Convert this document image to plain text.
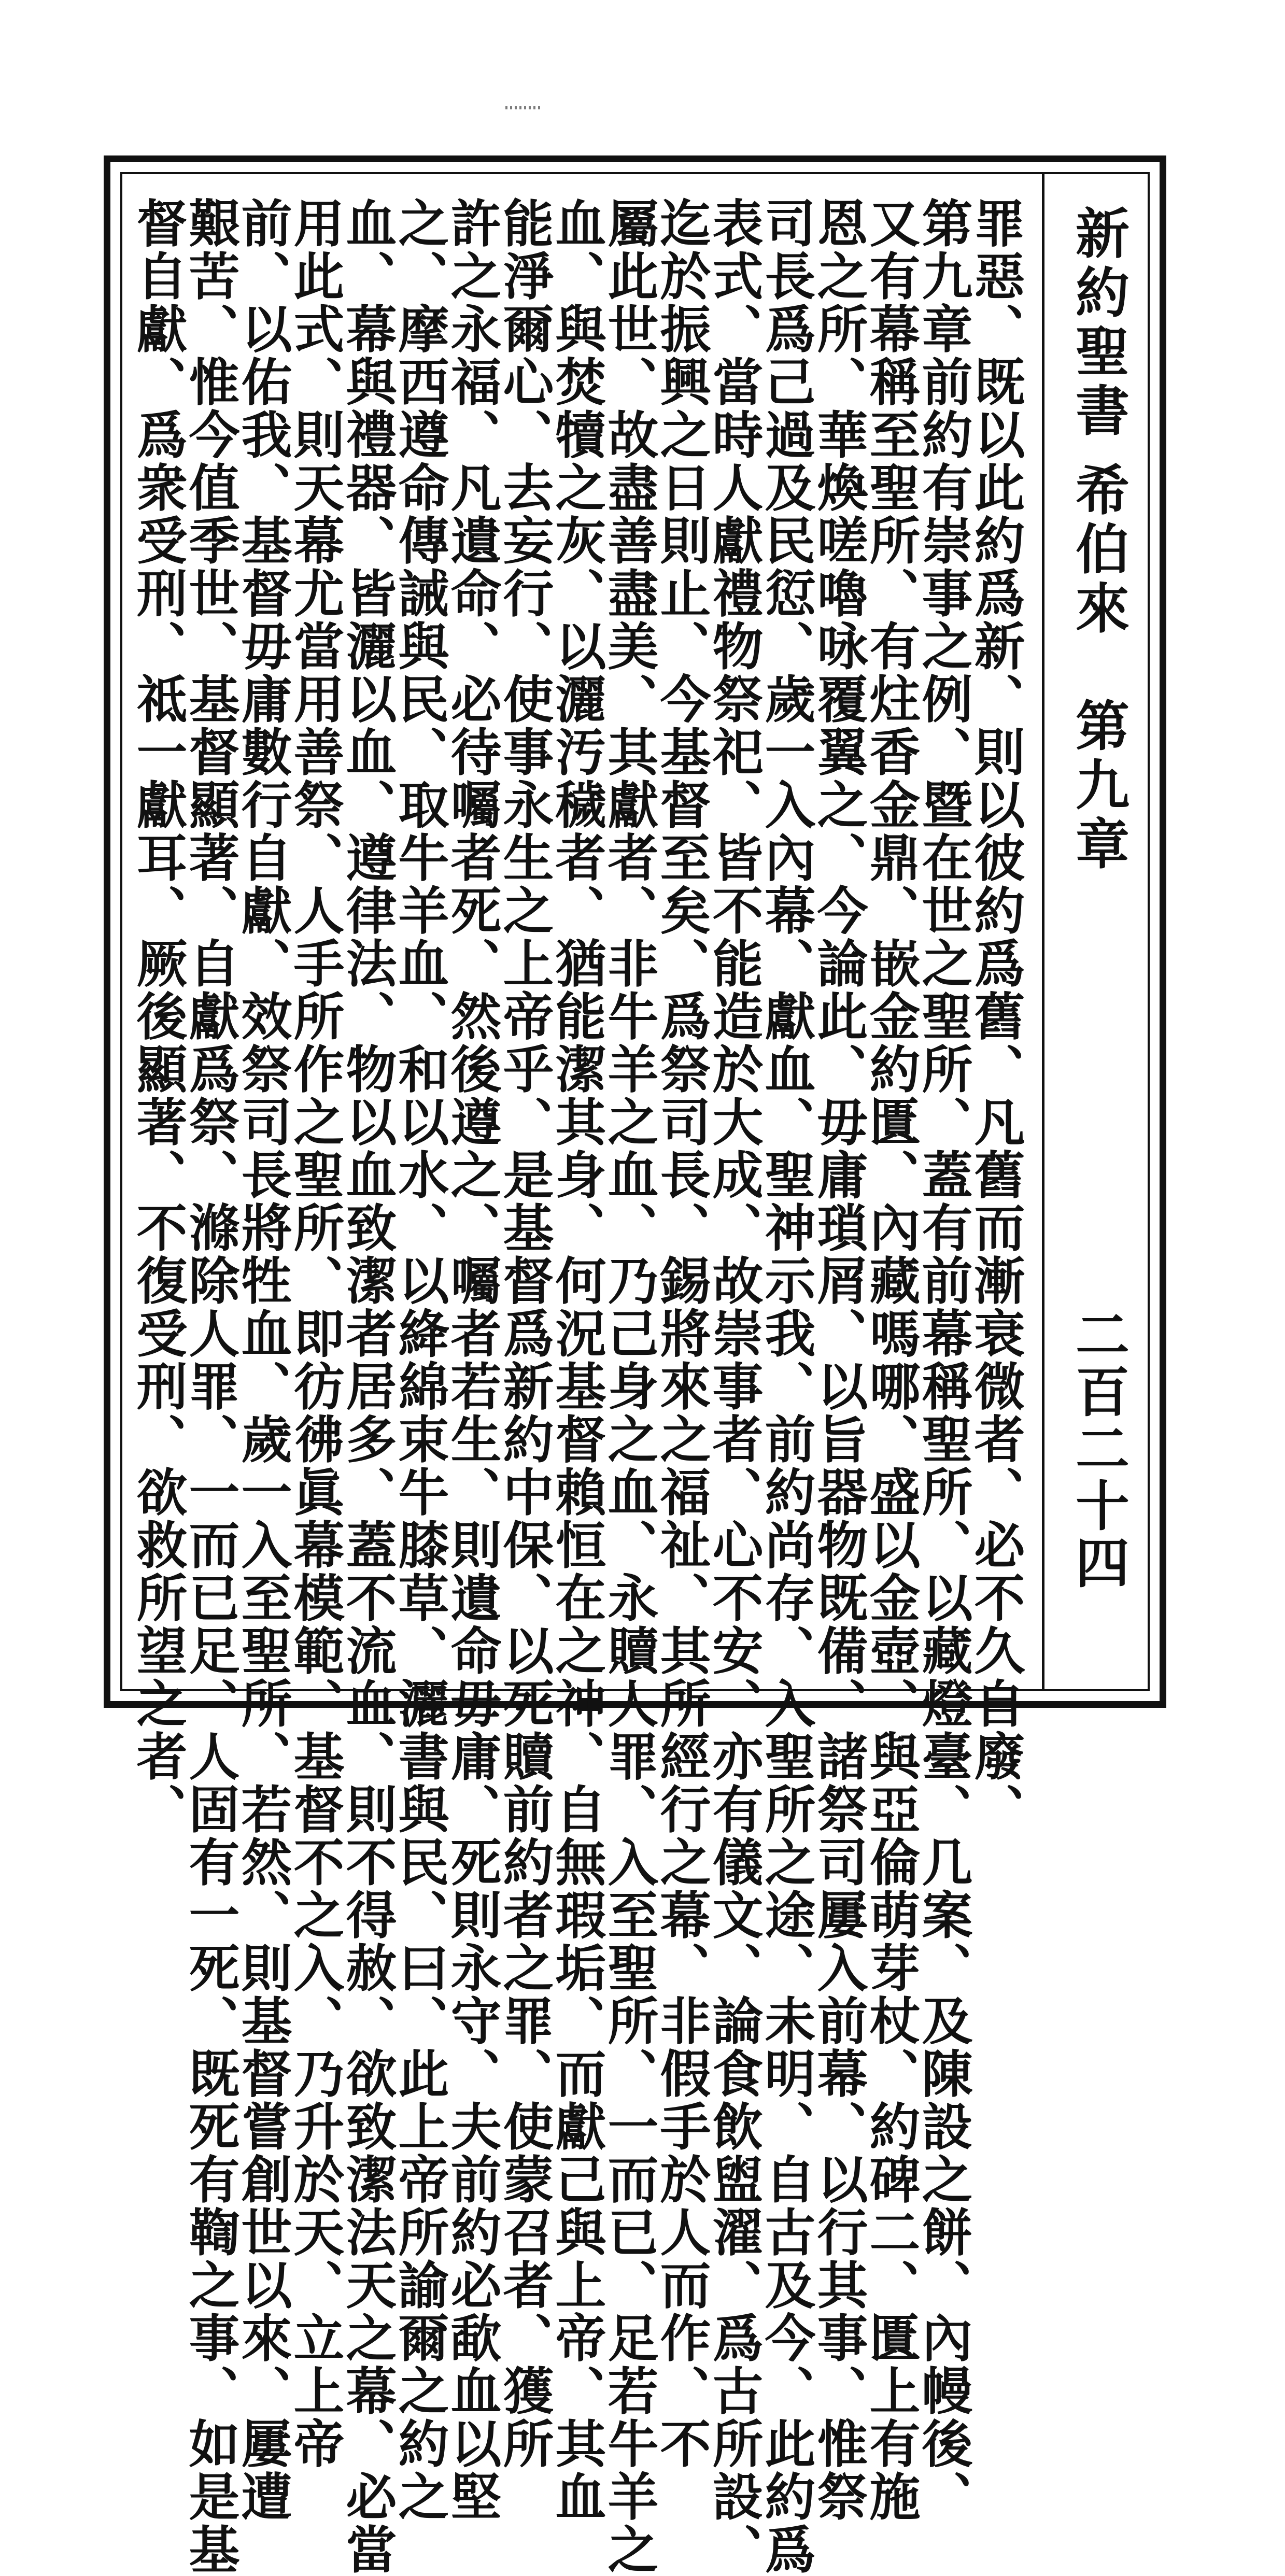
新約聖書
希伯來
第九章
二百二十四
罪惡、既以此約爲新、則以彼約爲舊、凡舊而漸衰微者、必不久自廢、
第九章前約有崇事之例、暨在世之聖所、蓋有前幕稱聖所、以藏燈臺、几案、及陳設之餅、內幔後、
又有幕稱至聖所、有炷香金鼎、嵌金約匱、內藏嗎哪、盛以金壺、與亞倫萌芽杖、約碑二、匱上有施
恩之所、華煥嗟嚕咏覆翼之、今論此、毋庸瑣屑、以旨器物既備、諸祭司屢入前幕、以行其事、惟祭
司長爲己過及民愆、歲一入內幕、獻血、聖神示我、前約尚存、入聖所之途、未明、自古及今、此約爲
表式、當時人獻禮物祭祀、皆不能造於大成、故崇事者、心不安、亦有儀文、論食飲盥濯、爲古所設、
迄於振興之日則止、今基督至矣、爲祭司長、錫將來之福祉、其所經行之幕、非假手於人而作、不
屬此世、故盡善盡美、其獻者、非牛羊之血、乃己身之血、永贖人罪、入至聖所、一而已、足若牛羊之
血、與焚犢之灰、以灑汚穢者、猶能潔其身、何況基督賴恒在之神、自無瑕垢、而獻己與上帝、其血
能淨爾心、去妄行、使事永生之上帝乎、是基督爲新約中保、以死贖前約者之罪、使蒙召者、獲所
許之永福、凡遺命、必待囑者死、然後遵之、囑者若生、則遺命毋庸、死則永守、夫前約必歃血以堅
之、摩西遵命傳誡與民、取牛羊血、和以水、以絳綿束牛膝草、灑書與民、曰、此上帝所諭爾之約之
血、幕與禮器、皆灑以血、遵律法、物以血致潔者居多、蓋不流血、則不得赦、欲致潔法天之幕、必當
用此式、則天幕尤當用善祭、人手所作之聖所、即彷彿眞幕模範、基督不之入、乃升於天、立上帝
前、以佑我、基督毋庸數行自獻、效祭司長將牲血、歲一入至聖所、若然、則基督嘗創世以來、屢遭
艱苦、惟今值季世、基督顯著、自獻爲祭、滌除人罪、一而已足、人固有一死、既死有鞫之事、如是基
督自獻、爲衆受刑、祗一獻耳、厥後顯著、不復受刑、欲救所望之者、
